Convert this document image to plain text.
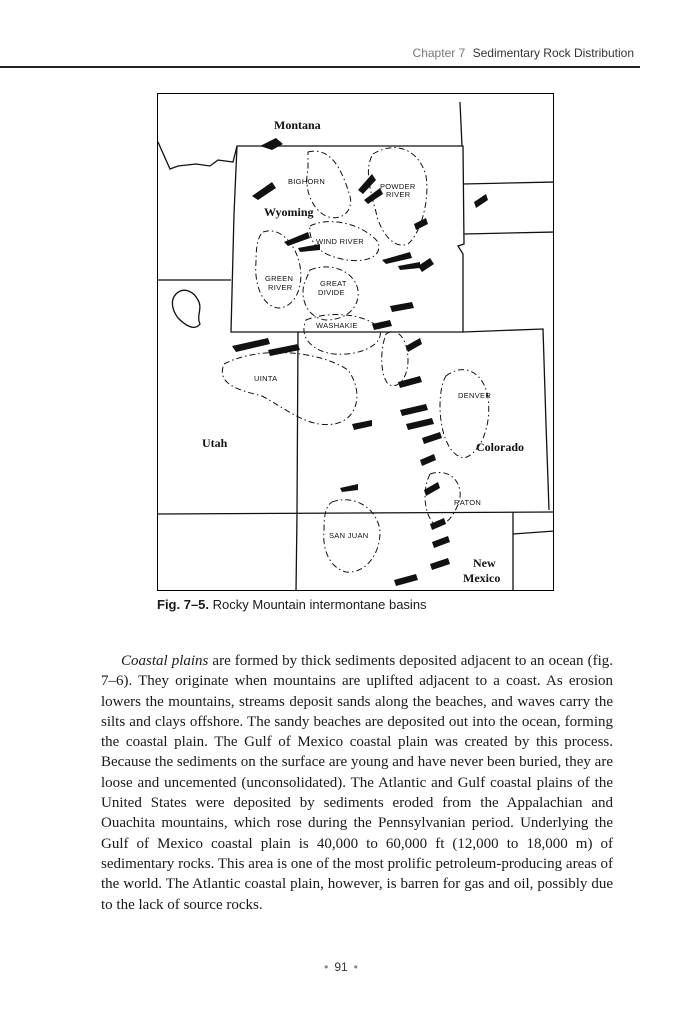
Chapter 7 Sedimentary Rock Distribution
Montana
Wyoming
Utah	Colorado
New
Mexico
BIGHORN
POWDER
RIVER
WIND RIVER
GREEN
RIVER	GREAT
DIVIDE
WASHAKIE
UINTA
DENVER
RATON
SAN JUAN
Fig. 7–5. Rocky Mountain intermontane basins

Coastal plains are formed by thick sediments deposited adjacent to an ocean (fig. 7–6). They originate when mountains are uplifted adjacent to a coast. As erosion lowers the mountains, streams deposit sands along the beaches, and waves carry the silts and clays offshore. The sandy beaches are deposited out into the ocean, forming the coastal plain. The Gulf of Mexico coastal plain was created by this process. Because the sediments on the surface are young and have never been buried, they are loose and uncemented (unconsolidated). The Atlantic and Gulf coastal plains of the United States were deposited by sediments eroded from the Appalachian and Ouachita mountains, which rose during the Pennsylvanian period. Underlying the Gulf of Mexico coastal plain is 40,000 to 60,000 ft (12,000 to 18,000 m) of sedimentary rocks. This area is one of the most prolific petroleum-producing areas of the world. The Atlantic coastal plain, however, is barren for gas and oil, possibly due to the lack of source rocks.

• 91 •
